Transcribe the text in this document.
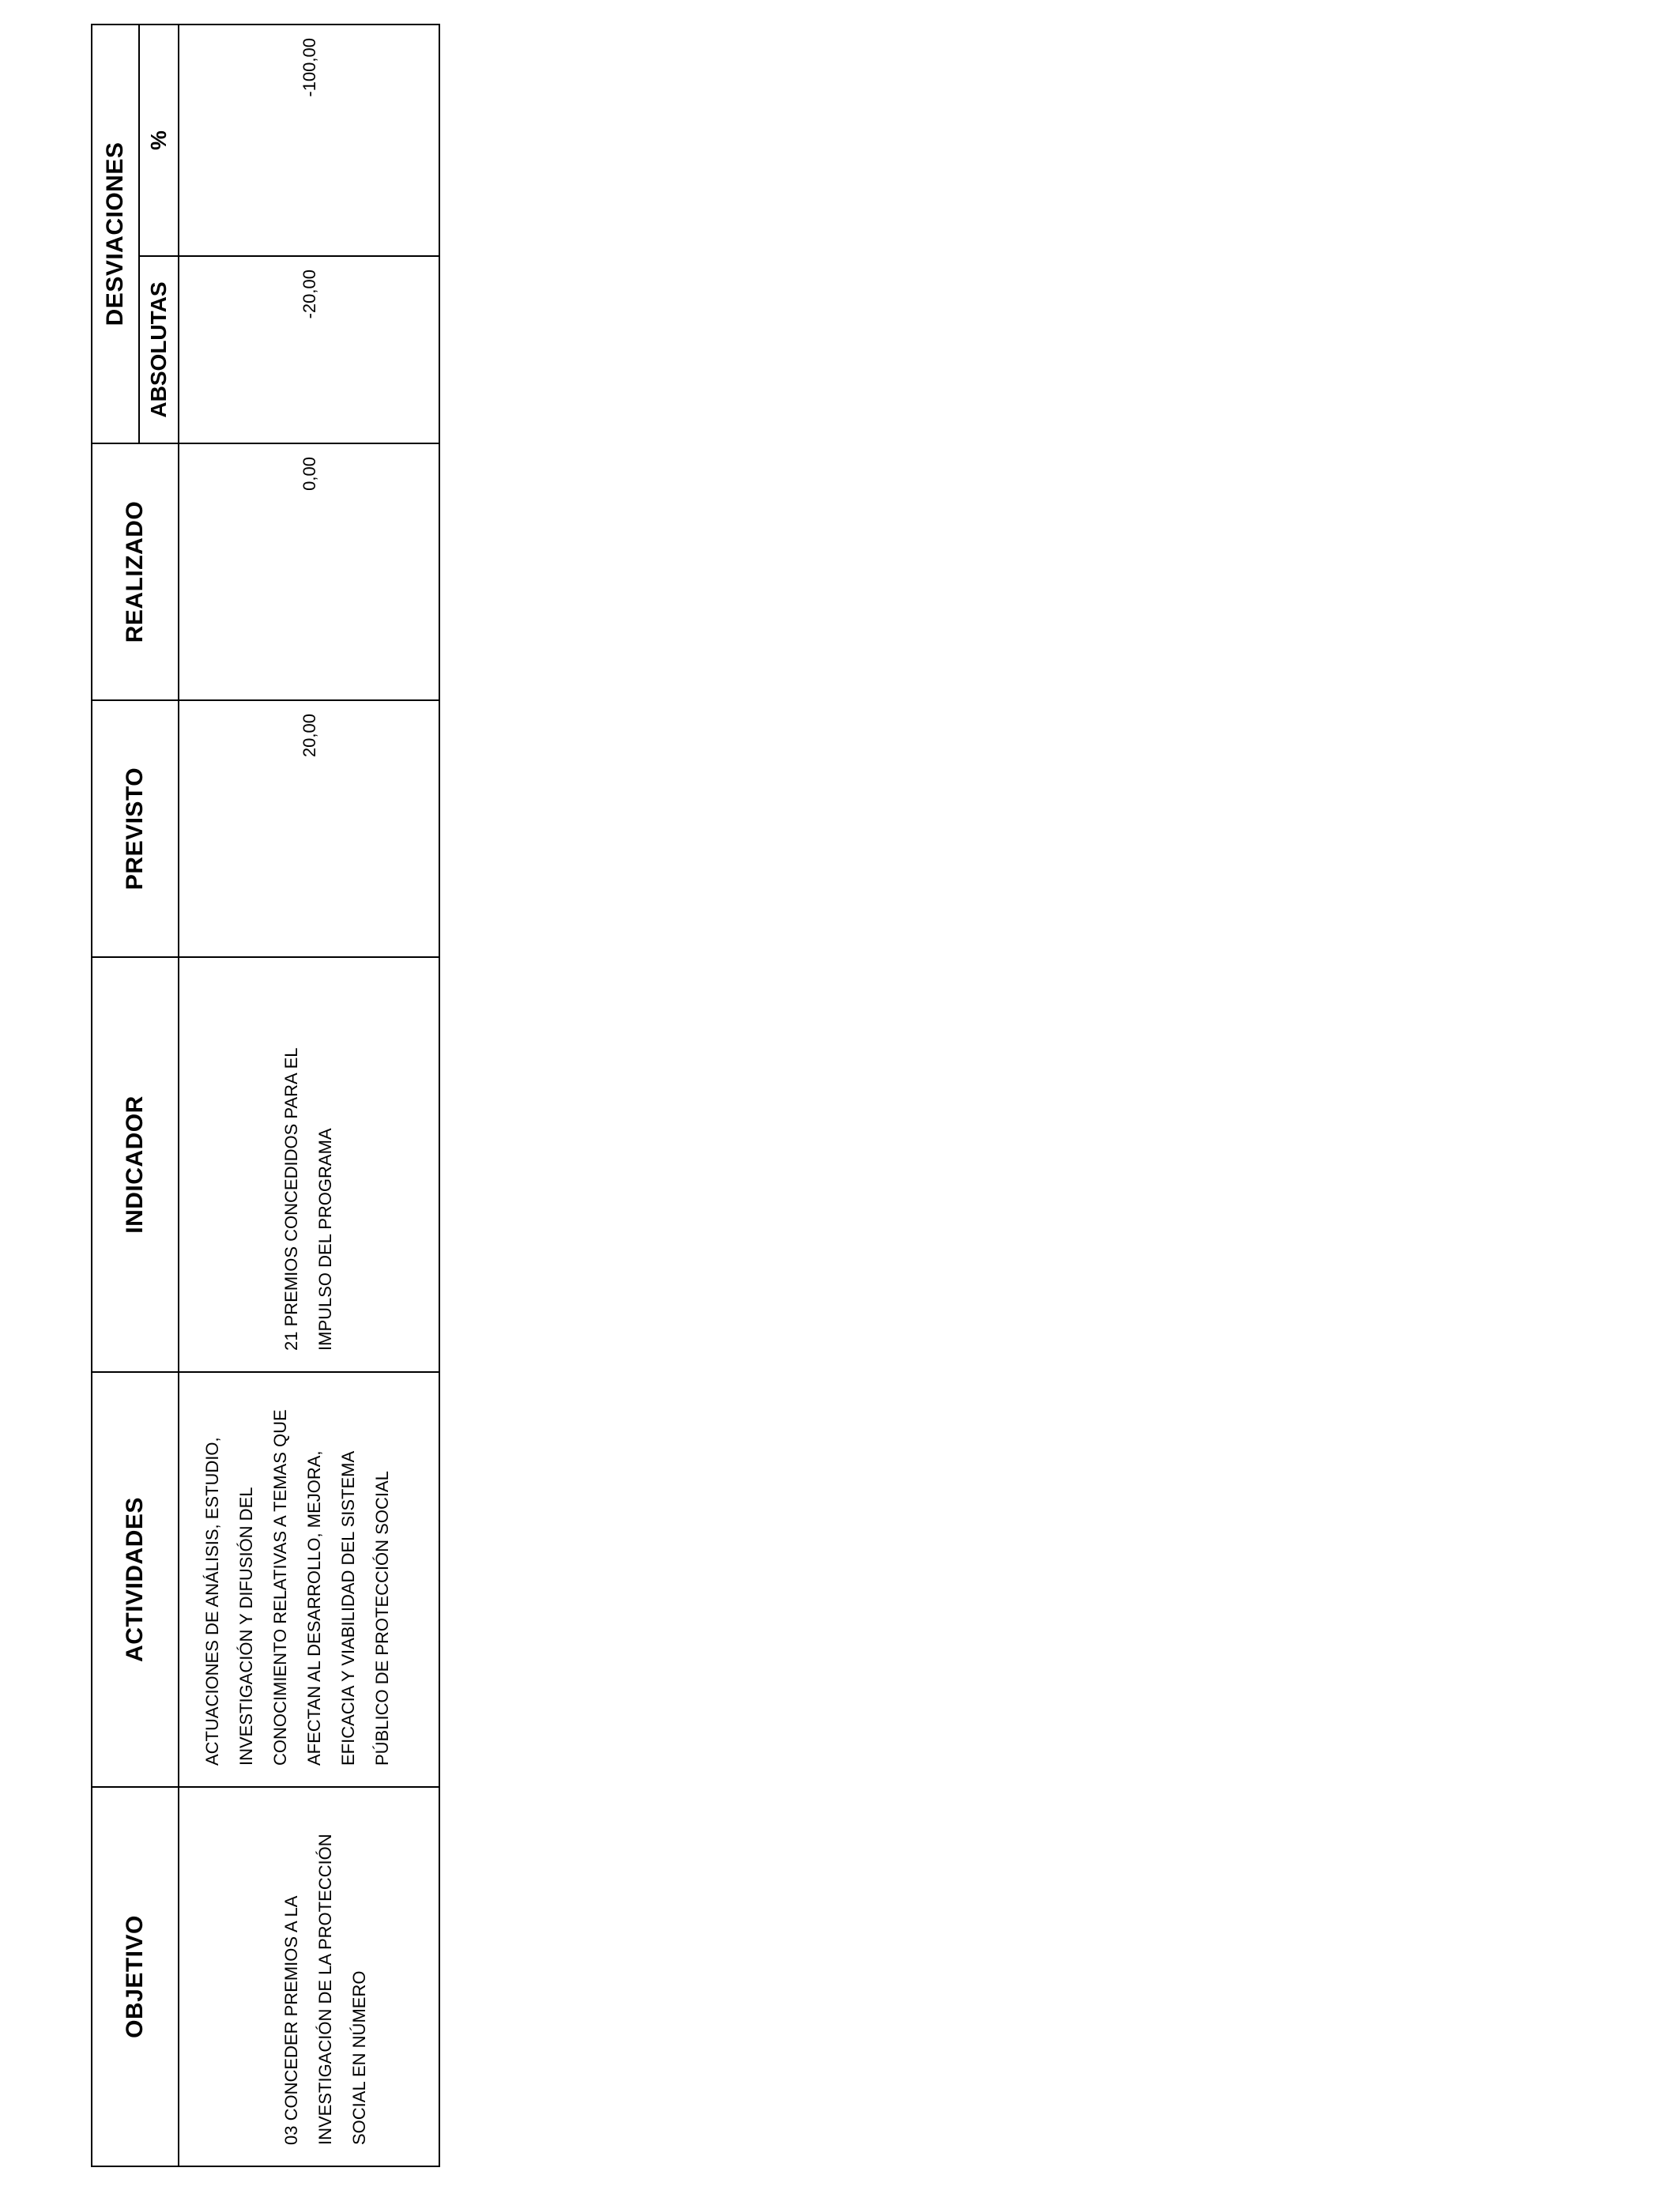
OBJETIVO	ACTIVIDADES	INDICADOR	PREVISTO	REALIZADO	DESVIACIONES	
					ABSOLUTAS	%

03 CONCEDER PREMIOS A LA INVESTIGACIÓN DE LA PROTECCIÓN SOCIAL EN NÚMERO	ACTUACIONES DE ANÁLISIS, ESTUDIO, INVESTIGACIÓN Y DIFUSIÓN DEL CONOCIMIENTO RELATIVAS A TEMAS QUE AFECTAN AL DESARROLLO, MEJORA, EFICACIA Y VIABILIDAD DEL SISTEMA PÚBLICO DE PROTECCIÓN SOCIAL	21 PREMIOS CONCEDIDOS PARA EL IMPULSO DEL PROGRAMA	20,00	0,00	-20,00	-100,00
